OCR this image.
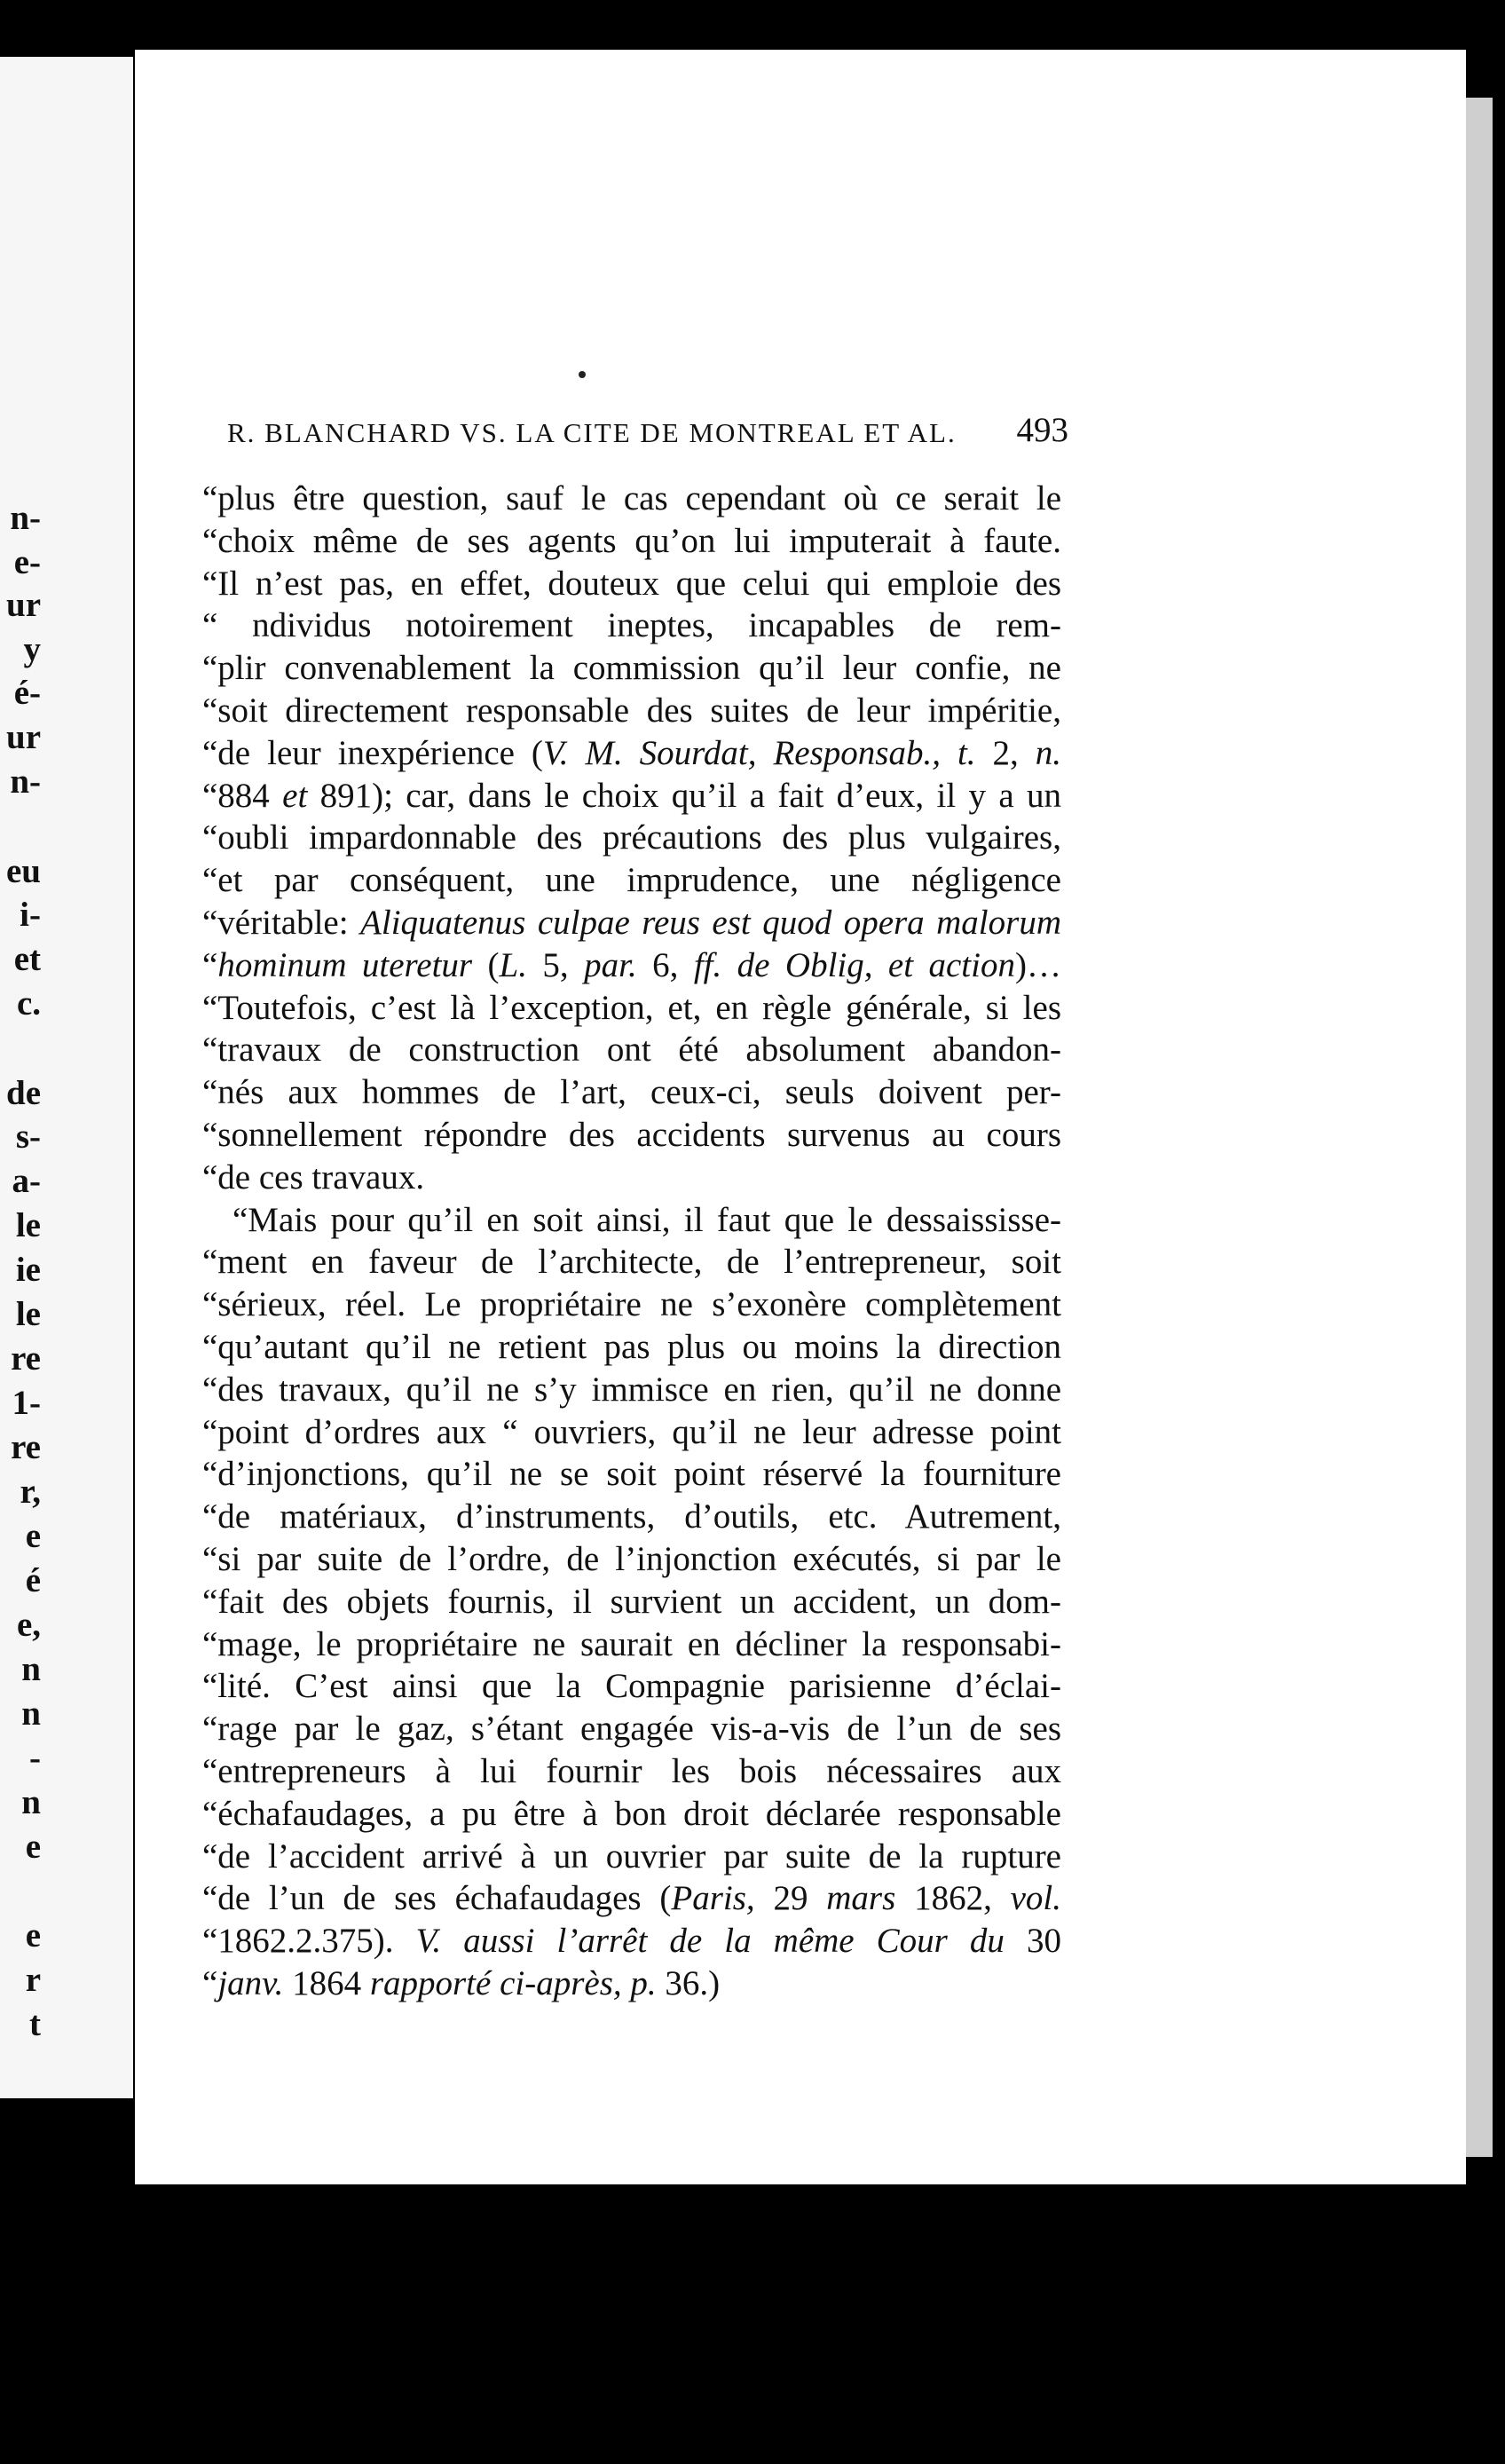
n-
e-
ur
y
é-
ur
n-
eu
i-
et
c.
de
s-
a-
le
ie
le
re
1-
re
r,
e
é
e,
n
n
-
n
e
e
r
t
R. BLANCHARD VS. LA CITE DE MONTREAL ET AL. 493
“plus être question, sauf le cas cependant où ce serait le
“choix même de ses agents qu’on lui imputerait à faute.
“Il n’est pas, en effet, douteux que celui qui emploie des
“ ndividus notoirement ineptes, incapables de rem-
“plir convenablement la commission qu’il leur confie, ne
“soit directement responsable des suites de leur impéritie,
“de leur inexpérience (V. M. Sourdat, Responsab., t. 2, n.
“884 et 891); car, dans le choix qu’il a fait d’eux, il y a un
“oubli impardonnable des précautions des plus vulgaires,
“et par conséquent, une imprudence, une négligence
“véritable: Aliquatenus culpae reus est quod opera malorum
“hominum uteretur (L. 5, par. 6, ff. de Oblig, et action)…
“Toutefois, c’est là l’exception, et, en règle générale, si les
“travaux de construction ont été absolument abandon-
“nés aux hommes de l’art, ceux-ci, seuls doivent per-
“sonnellement répondre des accidents survenus au cours
“de ces travaux.
“Mais pour qu’il en soit ainsi, il faut que le dessaississe-
“ment en faveur de l’architecte, de l’entrepreneur, soit
“sérieux, réel. Le propriétaire ne s’exonère complètement
“qu’autant qu’il ne retient pas plus ou moins la direction
“des travaux, qu’il ne s’y immisce en rien, qu’il ne donne
“point d’ordres aux “ ouvriers, qu’il ne leur adresse point
“d’injonctions, qu’il ne se soit point réservé la fourniture
“de matériaux, d’instruments, d’outils, etc. Autrement,
“si par suite de l’ordre, de l’injonction exécutés, si par le
“fait des objets fournis, il survient un accident, un dom-
“mage, le propriétaire ne saurait en décliner la responsabi-
“lité. C’est ainsi que la Compagnie parisienne d’éclai-
“rage par le gaz, s’étant engagée vis-a-vis de l’un de ses
“entrepreneurs à lui fournir les bois nécessaires aux
“échafaudages, a pu être à bon droit déclarée responsable
“de l’accident arrivé à un ouvrier par suite de la rupture
“de l’un de ses échafaudages (Paris, 29 mars 1862, vol.
“1862.2.375). V. aussi l’arrêt de la même Cour du 30
“janv. 1864 rapporté ci-après, p. 36.)
